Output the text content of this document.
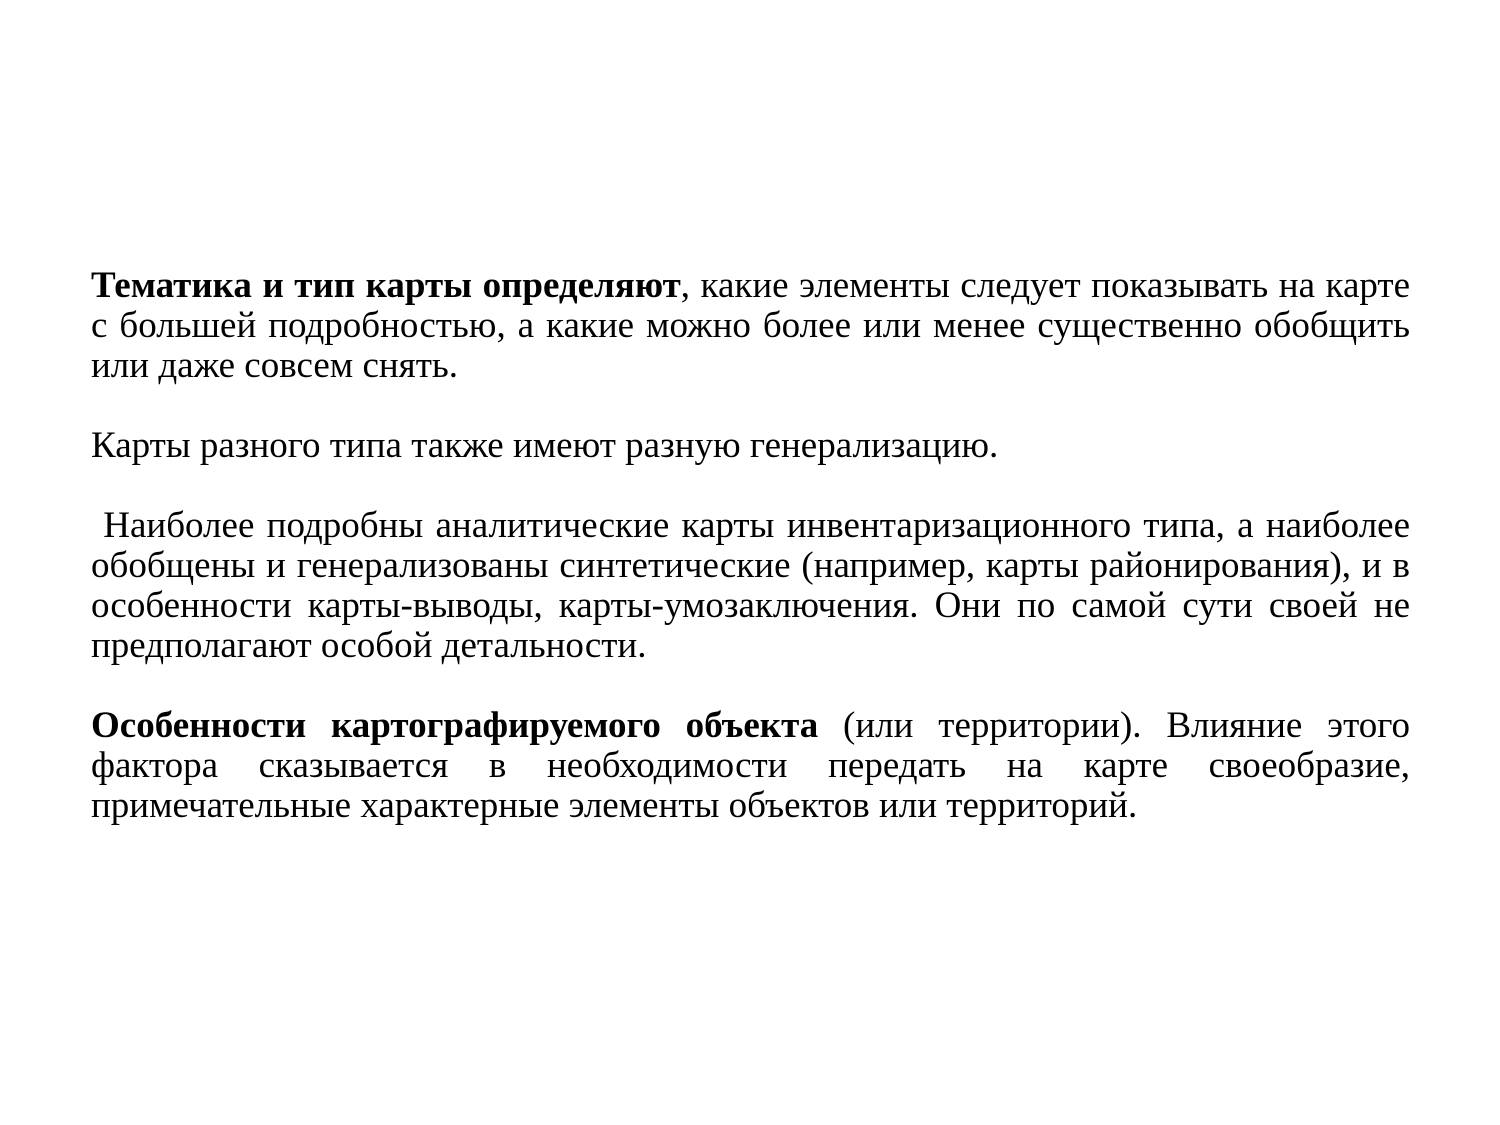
Тематика и тип карты определяют, какие элементы следует показывать на карте с большей подробностью, а какие можно более или менее существенно обобщить или даже совсем снять.

Карты разного типа также имеют разную генерализацию.

Наиболее подробны аналитические карты инвентаризационного типа, а наиболее обобщены и генерализованы синтетические (например, карты районирования), и в особенности карты-выводы, карты-умозаключения. Они по самой сути своей не предполагают особой детальности.

Особенности картографируемого объекта (или территории). Влияние этого фактора сказывается в необходимости передать на карте своеобразие, примечательные характерные элементы объектов или территорий.
